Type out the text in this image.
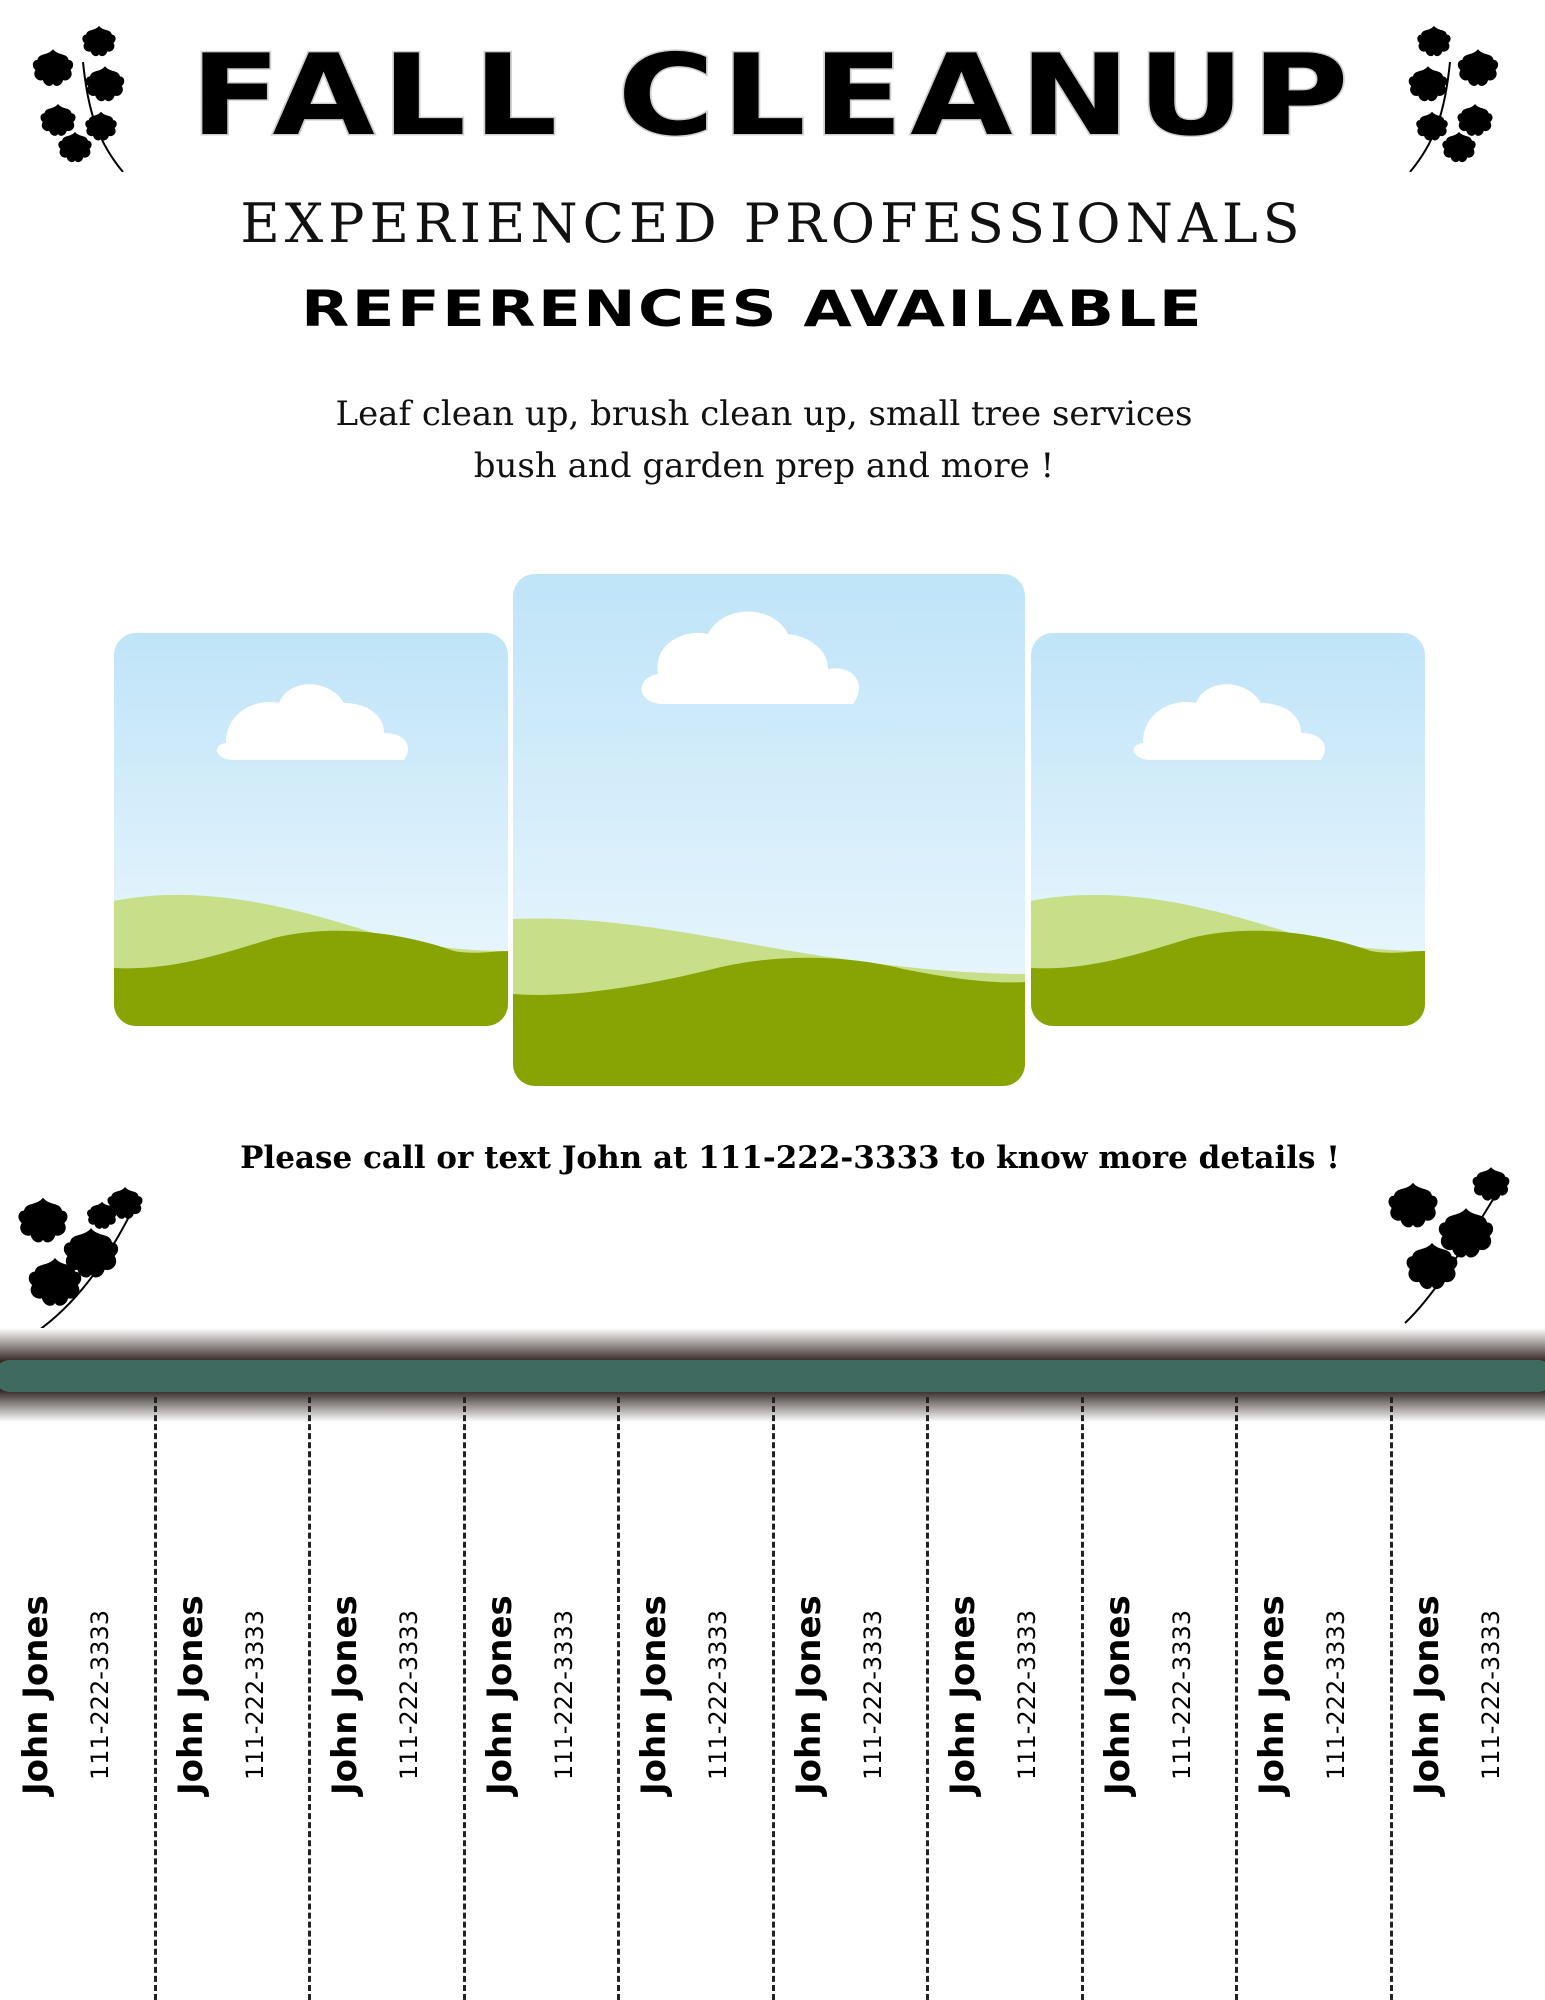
FALL CLEANUP
EXPERIENCED PROFESSIONALS
REFERENCES AVAILABLE
Leaf clean up, brush clean up, small tree services
bush and garden prep and more !
Please call or text John at 111-222-3333 to know more details !
John Jones 111-222-3333 John Jones 111-222-3333 John Jones 111-222-3333 John Jones 111-222-3333 John Jones 111-222-3333 John Jones 111-222-3333 John Jones 111-222-3333 John Jones 111-222-3333 John Jones 111-222-3333 John Jones 111-222-3333
